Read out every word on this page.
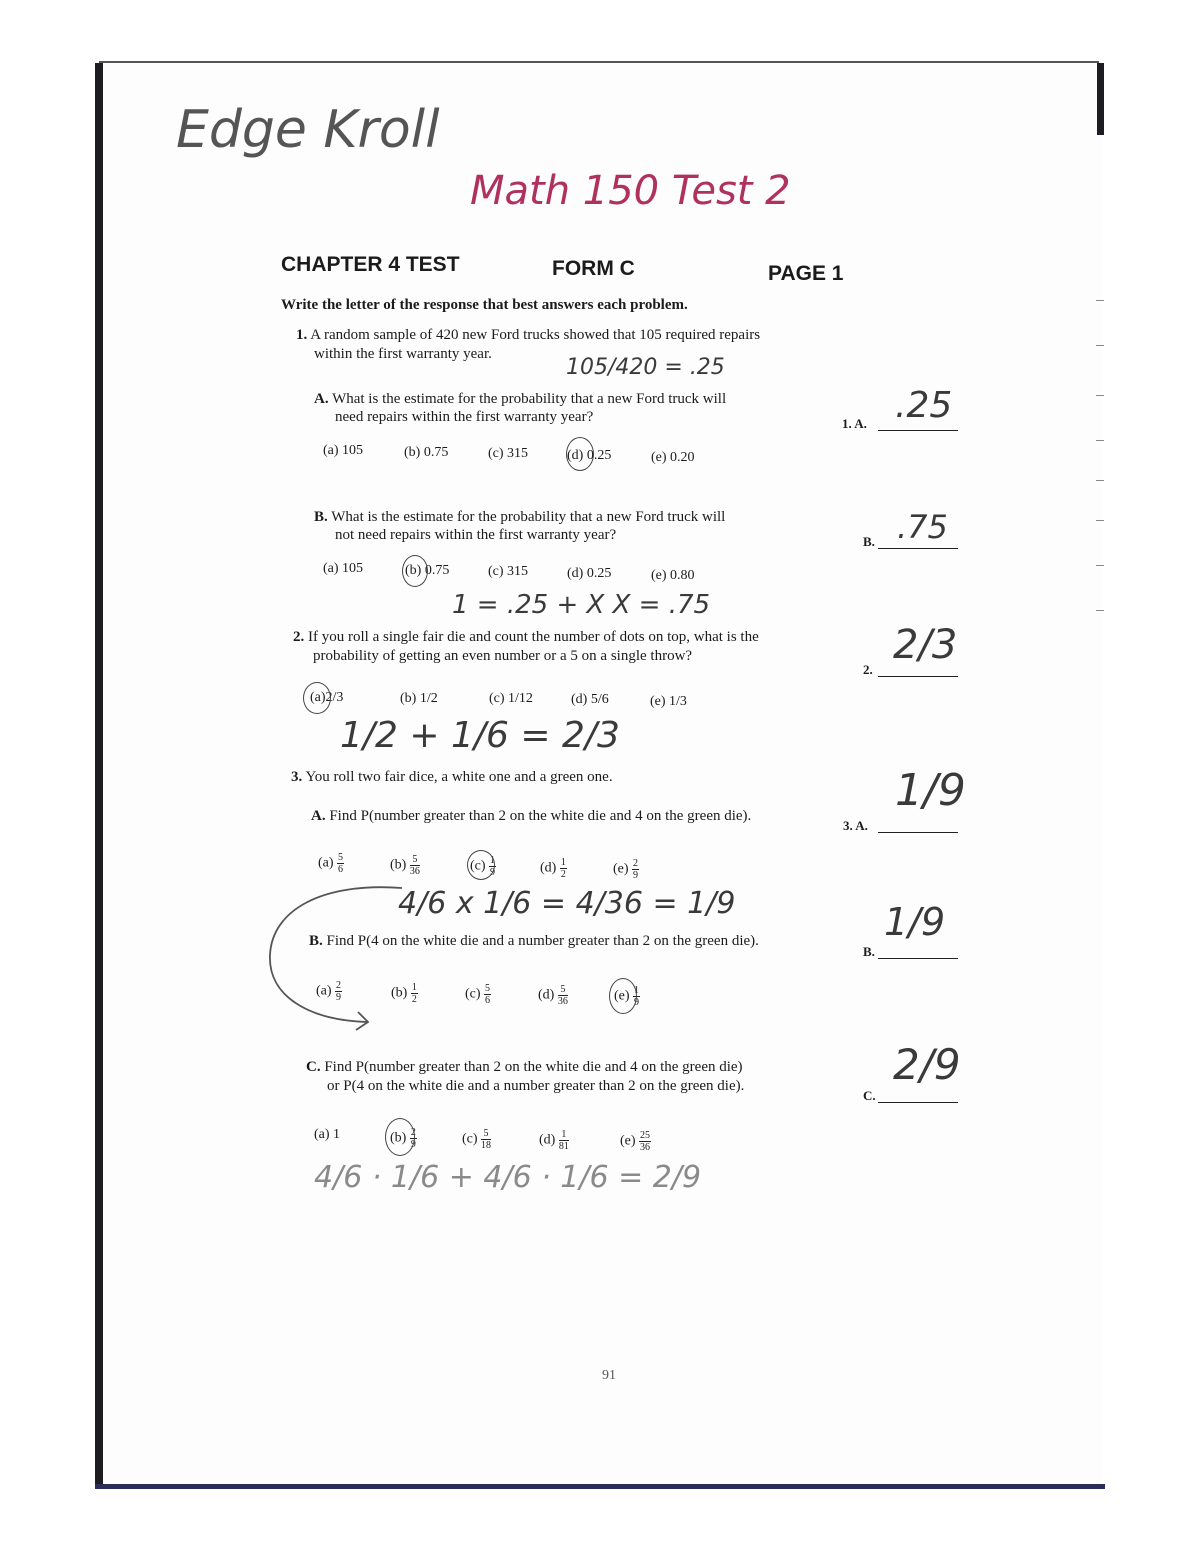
Edge Kroll
Math 150 Test 2
CHAPTER 4 TEST	FORM C	PAGE 1
Write the letter of the response that best answers each problem.
1. A random sample of 420 new Ford trucks showed that 105 required repairs
within the first warranty year.
105/420 = .25
A. What is the estimate for the probability that a new Ford truck will
need repairs within the first warranty year?
(a) 105	(b) 0.75	(c) 315	(d) 0.25	(e) 0.20
B. What is the estimate for the probability that a new Ford truck will
not need repairs within the first warranty year?
(a) 105	(b) 0.75	(c) 315	(d) 0.25	(e) 0.80
1 = .25 + X X = .75
2. If you roll a single fair die and count the number of dots on top, what is the
probability of getting an even number or a 5 on a single throw?
(a)2/3	(b) 1/2	(c) 1/12	(d) 5/6	(e) 1/3
1/2 + 1/6 = 2/3
3. You roll two fair dice, a white one and a green one.
A. Find P(number greater than 2 on the white die and 4 on the green die).
$(a) \frac{5}{6}$	$(b) \frac{5}{36}$	$(c) \frac{1}{9}$	$(d) \frac{1}{2}$	$(e) \frac{2}{9}$
4/6 x 1/6 = 4/36 = 1/9
B. Find P(4 on the white die and a number greater than 2 on the green die).
$(a) \frac{2}{9}$	$(b) \frac{1}{2}$	$(c) \frac{5}{6}$	$(d) \frac{5}{36}$	$(e) \frac{1}{9}$
C. Find P(number greater than 2 on the white die and 4 on the green die)
or P(4 on the white die and a number greater than 2 on the green die).
(a) 1	$(b) \frac{2}{9}$	$(c) \frac{5}{18}$	$(d) \frac{1}{81}$	$(e) \frac{25}{36}$
4/6 · 1/6 + 4/6 · 1/6 = 2/9
1. A. .25
B. .75
2.
2/3
3. A.
1/9
B.
1/9
C.
2/9
91
